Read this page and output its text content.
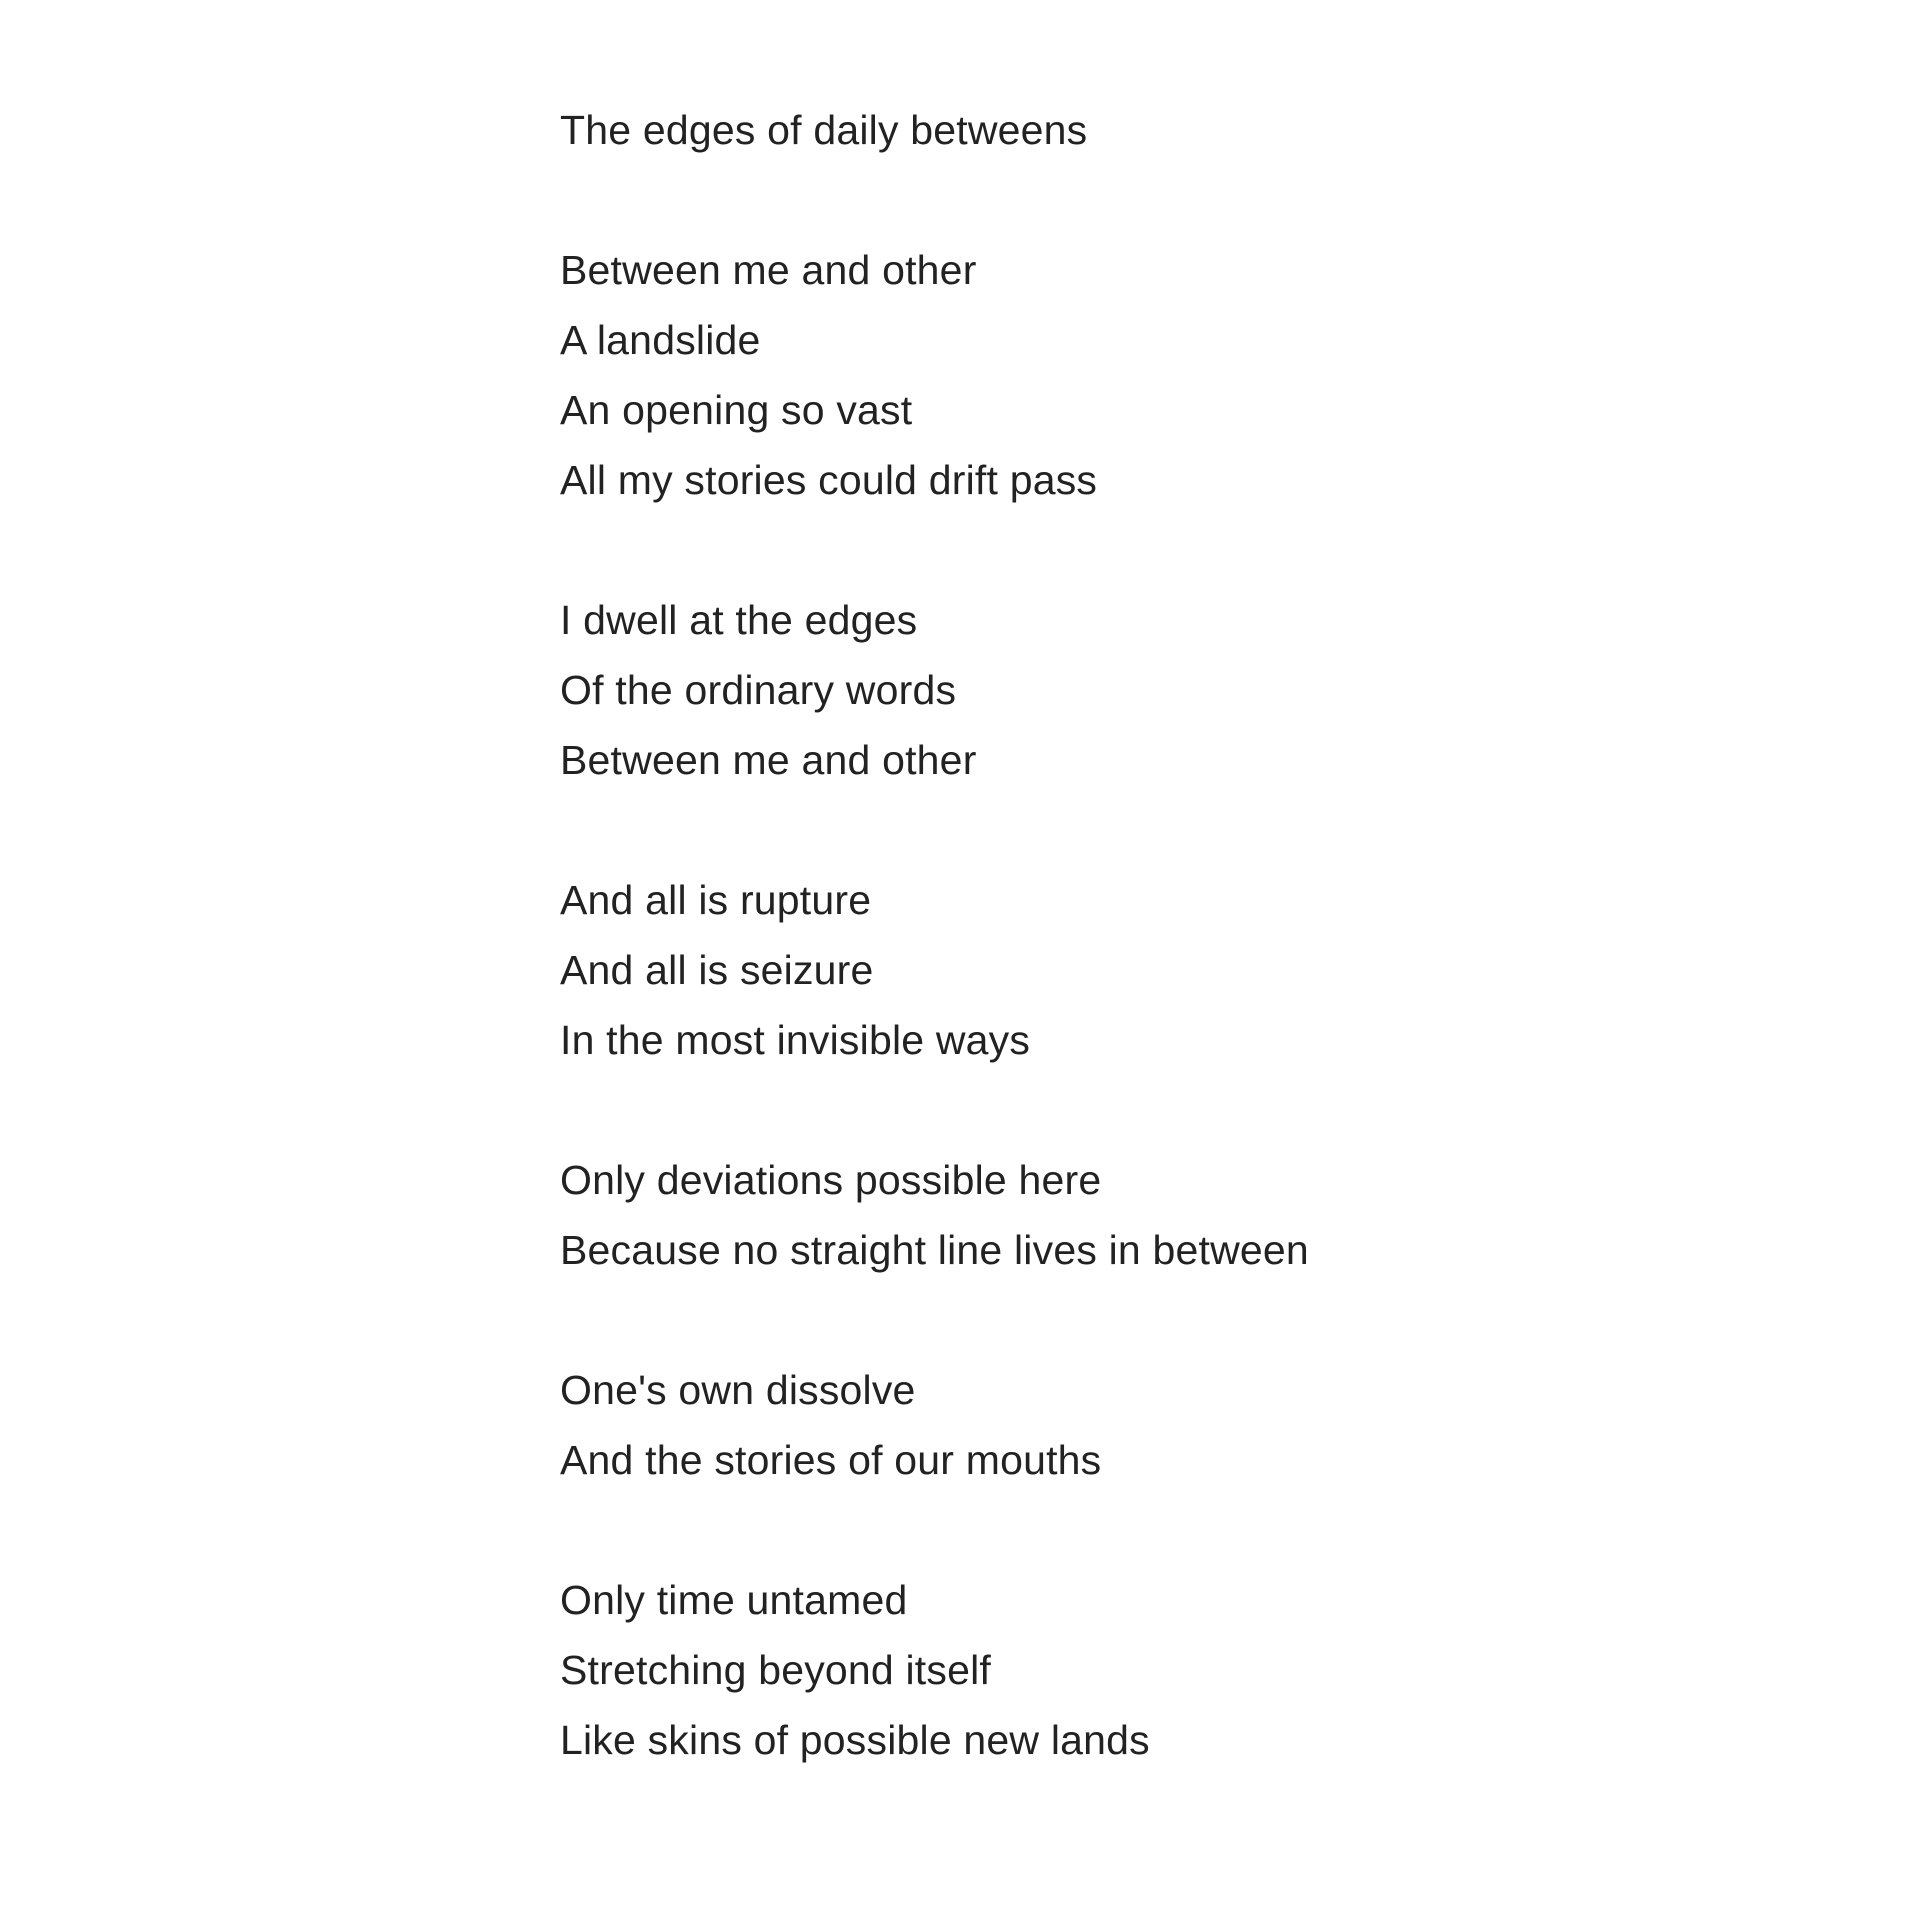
The edges of daily betweens
Between me and other
A landslide
An opening so vast
All my stories could drift pass
I dwell at the edges
Of the ordinary words
Between me and other
And all is rupture
And all is seizure
In the most invisible ways
Only deviations possible here
Because no straight line lives in between
One's own dissolve
And the stories of our mouths
Only time untamed
Stretching beyond itself
Like skins of possible new lands
